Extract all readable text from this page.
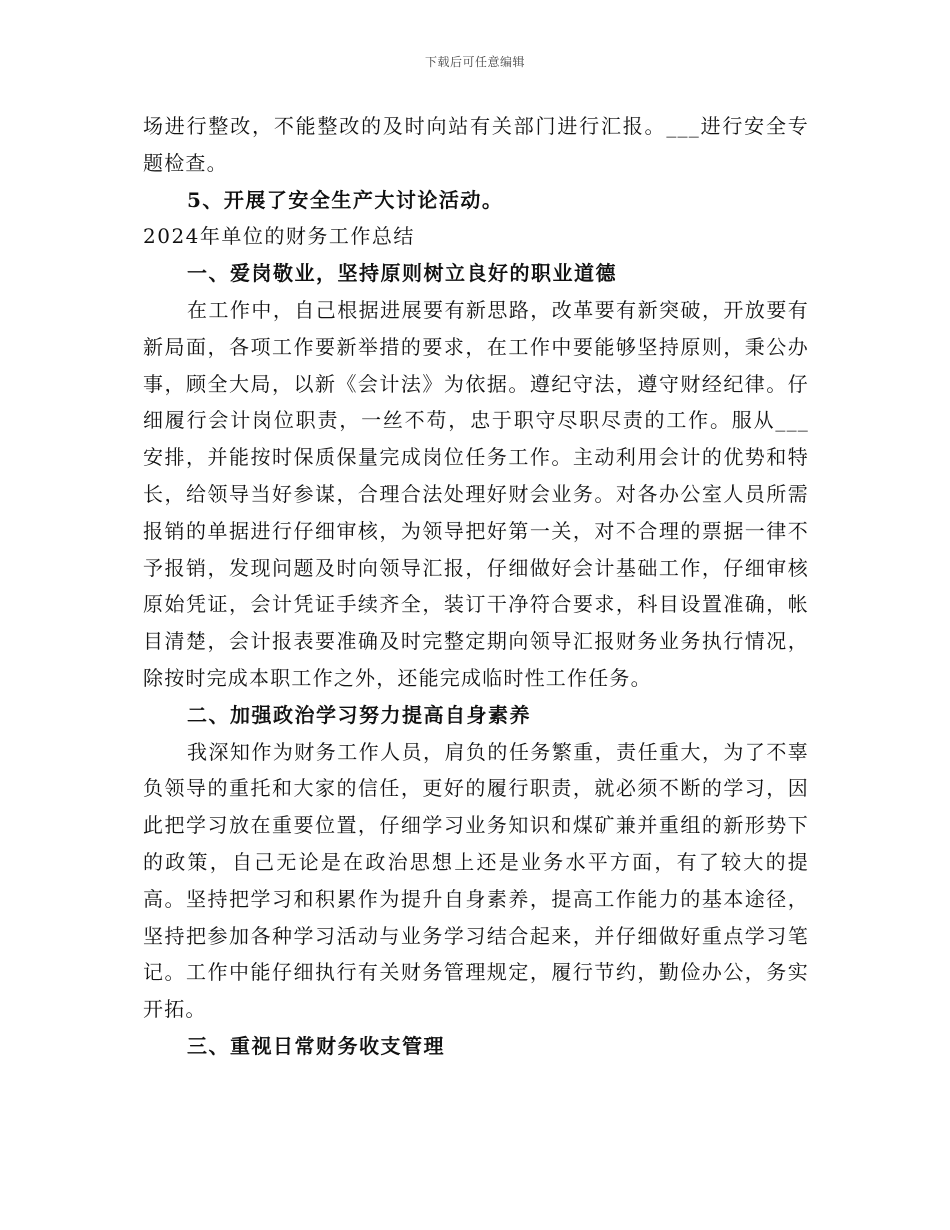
下载后可任意编辑

场进行整改，不能整改的及时向站有关部门进行汇报。___进行安全专题检查。

5、开展了安全生产大讨论活动。

2024年单位的财务工作总结

一、爱岗敬业，坚持原则树立良好的职业道德

在工作中，自己根据进展要有新思路，改革要有新突破，开放要有新局面，各项工作要新举措的要求，在工作中要能够坚持原则，秉公办事，顾全大局，以新《会计法》为依据。遵纪守法，遵守财经纪律。仔细履行会计岗位职责，一丝不苟，忠于职守尽职尽责的工作。服从___安排，并能按时保质保量完成岗位任务工作。主动利用会计的优势和特长，给领导当好参谋，合理合法处理好财会业务。对各办公室人员所需报销的单据进行仔细审核，为领导把好第一关，对不合理的票据一律不予报销，发现问题及时向领导汇报，仔细做好会计基础工作，仔细审核原始凭证，会计凭证手续齐全，装订干净符合要求，科目设置准确，帐目清楚，会计报表要准确及时完整定期向领导汇报财务业务执行情况，除按时完成本职工作之外，还能完成临时性工作任务。

二、加强政治学习努力提高自身素养

我深知作为财务工作人员，肩负的任务繁重，责任重大，为了不辜负领导的重托和大家的信任，更好的履行职责，就必须不断的学习，因此把学习放在重要位置，仔细学习业务知识和煤矿兼并重组的新形势下的政策，自己无论是在政治思想上还是业务水平方面，有了较大的提高。坚持把学习和积累作为提升自身素养，提高工作能力的基本途径，坚持把参加各种学习活动与业务学习结合起来，并仔细做好重点学习笔记。工作中能仔细执行有关财务管理规定，履行节约，勤俭办公，务实开拓。

三、重视日常财务收支管理
